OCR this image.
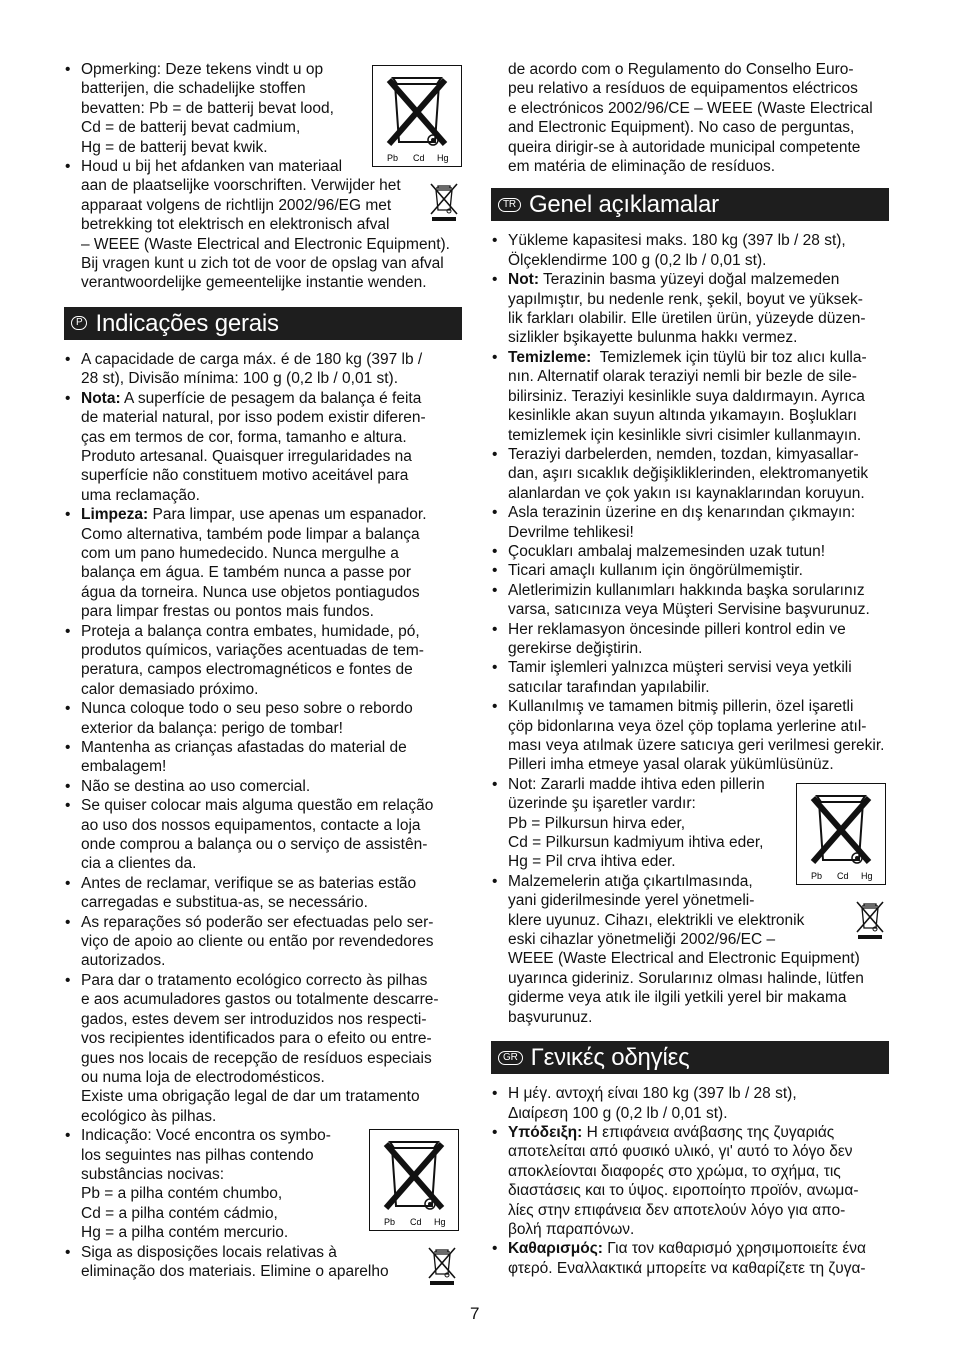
• Opmerking: Deze tekens vindt u op
batterijen, die schadelijke stoffen
bevatten: Pb = de batterij bevat lood,
Cd = de batterij bevat cadmium,
Hg = de batterij bevat kwik.
• Houd u bij het afdanken van materiaal
aan de plaatselijke voorschriften. Verwijder het
apparaat volgens de richtlijn 2002/96/EG met
betrekking tot elektrisch en elektronisch afval
– WEEE (Waste Electrical and Electronic Equipment).
Bij vragen kunt u zich tot de voor de opslag van afval
verantwoordelijke gemeentelijke instantie wenden.
P Indicações gerais
• A capacidade de carga máx. é de 180 kg (397 lb /
28 st), Divisão mínima: 100 g (0,2 lb / 0,01 st).
• Nota: A superfície de pesagem da balança é feita
de material natural, por isso podem existir diferen-
ças em termos de cor, forma, tamanho e altura.
Produto artesanal. Quaisquer irregularidades na
superfície não constituem motivo aceitável para
uma reclamação.
• Limpeza: Para limpar, use apenas um espanador.
Como alternativa, também pode limpar a balança
com um pano humedecido. Nunca mergulhe a
balança em água. E também nunca a passe por
água da torneira. Nunca use objetos pontiagudos
para limpar frestas ou pontos mais fundos.
• Proteja a balança contra embates, humidade, pó,
produtos químicos, variações acentuadas de tem-
peratura, campos electromagnéticos e fontes de
calor demasiado próximo.
• Nunca coloque todo o seu peso sobre o rebordo
exterior da balança: perigo de tombar!
• Mantenha as crianças afastadas do material de
embalagem!
• Não se destina ao uso comercial.
• Se quiser colocar mais alguma questão em relação
ao uso dos nossos equipamentos, contacte a loja
onde comprou a balança ou o serviço de assistên-
cia a clientes da.
• Antes de reclamar, verifique se as baterias estão
carregadas e substitua-as, se necessário.
• As reparações só poderão ser efectuadas pelo ser-
viço de apoio ao cliente ou então por revendedores
autorizados.
• Para dar o tratamento ecológico correcto às pilhas
e aos acumuladores gastos ou totalmente descarre-
gados, estes devem ser introduzidos nos respecti-
vos recipientes identificados para o efeito ou entre-
gues nos locais de recepção de resíduos especiais
ou numa loja de electrodomésticos.
Existe uma obrigação legal de dar um tratamento
ecológico às pilhas.
• Indicação: Vocé encontra os symbo-
los seguintes nas pilhas contendo
substâncias nocivas:
Pb = a pilha contém chumbo,
Cd = a pilha contém cádmio,
Hg = a pilha contém mercurio.
• Siga as disposições locais relativas à
eliminação dos materiais. Elimine o aparelho
de acordo com o Regulamento do Conselho Euro-
peu relativo a resíduos de equipamentos eléctricos
e electrónicos 2002/96/CE – WEEE (Waste Electrical
and Electronic Equipment). No caso de perguntas,
queira dirigir-se à autoridade municipal competente
em matéria de eliminação de resíduos.
TR Genel açıklamalar
• Yükleme kapasitesi maks. 180 kg (397 lb / 28 st),
Ölçeklendirme 100 g (0,2 lb / 0,01 st).
• Not: Terazinin basma yüzeyi doğal malzemeden
yapılmıştır, bu nedenle renk, şekil, boyut ve yüksek-
lik farkları olabilir. Elle üretilen ürün, yüzeyde düzen-
sizlikler bşikayette bulunma hakkı vermez.
• Temizleme:  Temizlemek için tüylü bir toz alıcı kulla-
nın. Alternatif olarak teraziyi nemli bir bezle de sile-
bilirsiniz. Teraziyi kesinlikle suya daldırmayın. Ayrıca
kesinlikle akan suyun altında yıkamayın. Boşlukları
temizlemek için kesinlikle sivri cisimler kullanmayın.
• Teraziyi darbelerden, nemden, tozdan, kimyasallar-
dan, aşırı sıcaklık değişikliklerinden, elektromanyetik
alanlardan ve çok yakın ısı kaynaklarından koruyun.
• Asla terazinin üzerine en dış kenarından çıkmayın:
Devrilme tehlikesi!
• Çocukları ambalaj malzemesinden uzak tutun!
• Ticari amaçlı kullanım için öngörülmemiştir.
• Aletlerimizin kullanımları hakkında başka sorularınız
varsa, satıcınıza veya Müşteri Servisine başvurunuz.
• Her reklamasyon öncesinde pilleri kontrol edin ve
gerekirse değiştirin.
• Tamir işlemleri yalnızca müşteri servisi veya yetkili
satıcılar tarafından yapılabilir.
• Kullanılmış ve tamamen bitmiş pillerin, özel işaretli
çöp bidonlarına veya özel çöp toplama yerlerine atıl-
ması veya atılmak üzere satıcıya geri verilmesi gerekir.
Pilleri imha etmeye yasal olarak yükümlüsünüz.
• Not: Zararli madde ihtiva eden pillerin
üzerinde şu işaretler vardır:
Pb = Pilkursun hirva eder,
Cd = Pilkursun kadmiyum ihtiva eder,
Hg = Pil crva ihtiva eder.
• Malzemelerin atığa çıkartılmasında,
yani giderilmesinde yerel yönetmeli-
klere uyunuz. Cihazı, elektrikli ve elektronik
eski cihazlar yönetmeliği 2002/96/EC –
WEEE (Waste Electrical and Electronic Equipment)
uyarınca gideriniz. Sorularınız olması halinde, lütfen
giderme veya atık ile ilgili yetkili yerel bir makama
başvurunuz.
GR Γενικές οδηγίες
• Η μέγ. αντοχή είναι 180 kg (397 lb / 28 st),
Διαίρεση 100 g (0,2 lb / 0,01 st).
• Υπόδειξη: Η επιφάνεια ανάβασης της ζυγαριάς
αποτελείται από φυσικό υλικό, γι' αυτό το λόγο δεν
αποκλείονται διαφορές στο χρώμα, το σχήμα, τις
διαστάσεις και το ύψος. ειροποίητο προϊόν, ανωμα-
λίες στην επιφάνεια δεν αποτελούν λόγο για απο-
βολή παραπόνων.
• Καθαρισμός: Για τον καθαρισμό χρησιμοποιείτε ένα
φτερό. Εναλλακτικά μπορείτε να καθαρίζετε τη ζυγα-
Pb Cd Hg
Pb Cd Hg
Pb Cd Hg
7
